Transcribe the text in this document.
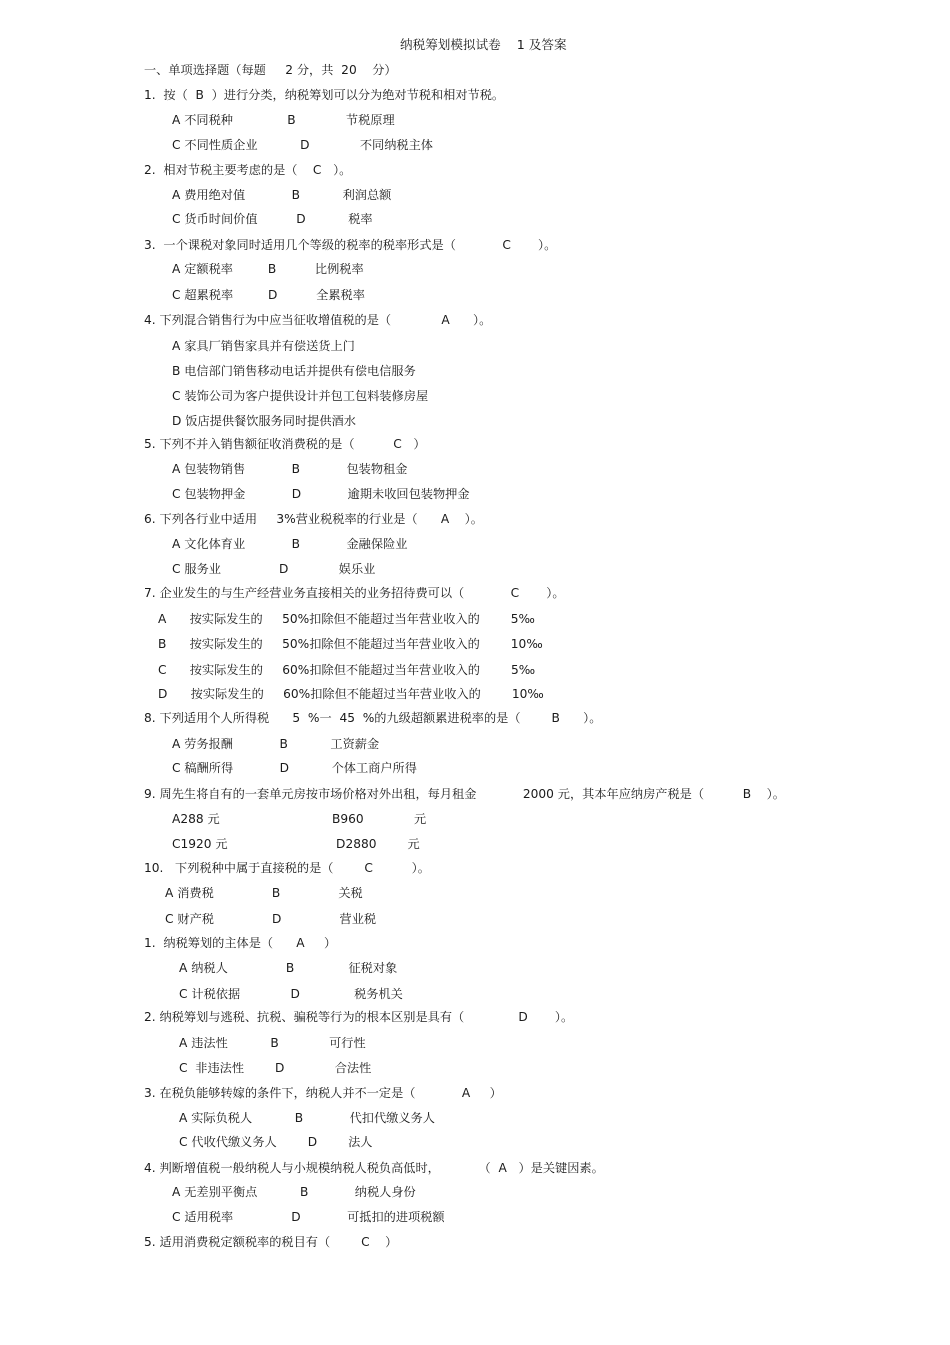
纳税筹划模拟试卷    1 及答案
一、单项选择题（每题     2 分，共  20    分）
1.  按（  B  ）进行分类，纳税筹划可以分为绝对节税和相对节税。
A 不同税种              B             节税原理
C 不同性质企业           D             不同纳税主体
2.  相对节税主要考虑的是（    C   ）。
A 费用绝对值            B           利润总额
C 货币时间价值          D           税率
3.  一个课税对象同时适用几个等级的税率的税率形式是（            C       ）。
A 定额税率         B          比例税率
C 超累税率         D          全累税率
4. 下列混合销售行为中应当征收增值税的是（             A      ）。
A 家具厂销售家具并有偿送货上门
B 电信部门销售移动电话并提供有偿电信服务
C 装饰公司为客户提供设计并包工包料装修房屋
D 饭店提供餐饮服务同时提供酒水
5. 下列不并入销售额征收消费税的是（          C   ）
A 包装物销售            B            包装物租金
C 包装物押金            D            逾期未收回包装物押金
6. 下列各行业中适用     3%营业税税率的行业是（      A    ）。
A 文化体育业            B            金融保险业
C 服务业               D             娱乐业
7. 企业发生的与生产经营业务直接相关的业务招待费可以（            C       ）。
A      按实际发生的     50%扣除但不能超过当年营业收入的        5‰
B      按实际发生的     50%扣除但不能超过当年营业收入的        10‰
C      按实际发生的     60%扣除但不能超过当年营业收入的        5‰
D      按实际发生的     60%扣除但不能超过当年营业收入的        10‰
8. 下列适用个人所得税      5  %一  45  %的九级超额累进税率的是（        B      ）。
A 劳务报酬            B           工资薪金
C 稿酬所得            D           个体工商户所得
9. 周先生将自有的一套单元房按市场价格对外出租，每月租金            2000 元，其本年应纳房产税是（          B    ）。
A288 元                             B960             元
C1920 元                            D2880        元
10.   下列税种中属于直接税的是（        C          ）。
A 消费税               B               关税
C 财产税               D               营业税
1.  纳税筹划的主体是（      A     ）
A 纳税人               B              征税对象
C 计税依据             D              税务机关
2. 纳税筹划与逃税、抗税、骗税等行为的根本区别是具有（              D       ）。
A 违法性           B             可行性
C  非违法性        D             合法性
3. 在税负能够转嫁的条件下，纳税人并不一定是（            A     ）
A 实际负税人           B            代扣代缴义务人
C 代收代缴义务人        D        法人
4. 判断增值税一般纳税人与小规模纳税人税负高低时，          （  A   ）是关键因素。
A 无差别平衡点           B            纳税人身份
C 适用税率               D            可抵扣的进项税额
5. 适用消费税定额税率的税目有（        C    ）
